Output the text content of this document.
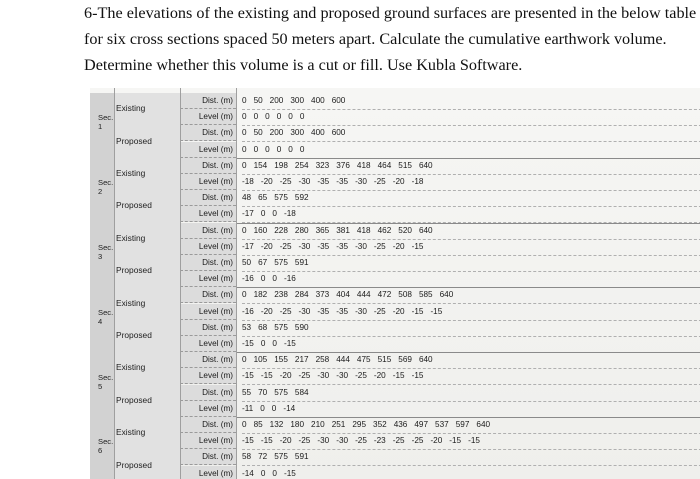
6-The elevations of the existing and proposed ground surfaces are presented in the below table

for six cross sections spaced 50 meters apart. Calculate the cumulative earthwork volume.

Determine whether this volume is a cut or fill. Use Kubla Software.

Sec. 1
Existing
Dist. (m)	0 50 200 300 400 600
Level (m)	0 0 0 0 0 0
Proposed
Dist. (m)	0 50 200 300 400 600
Level (m)	0 0 0 0 0 0
Sec. 2
Existing
Dist. (m)	0 154 198 254 323 376 418 464 515 640
Level (m)	-18 -20 -25 -30 -35 -35 -30 -25 -20 -18
Proposed
Dist. (m)	48 65 575 592
Level (m)	-17 0 0 -18
Sec. 3
Existing
Dist. (m)	0 160 228 280 365 381 418 462 520 640
Level (m)	-17 -20 -25 -30 -35 -35 -30 -25 -20 -15
Proposed
Dist. (m)	50 67 575 591
Level (m)	-16 0 0 -16
Sec. 4
Existing
Dist. (m)	0 182 238 284 373 404 444 472 508 585 640
Level (m)	-16 -20 -25 -30 -35 -35 -30 -25 -20 -15 -15
Proposed
Dist. (m)	53 68 575 590
Level (m)	-15 0 0 -15
Sec. 5
Existing
Dist. (m)	0 105 155 217 258 444 475 515 569 640
Level (m)	-15 -15 -20 -25 -30 -30 -25 -20 -15 -15
Proposed
Dist. (m)	55 70 575 584
Level (m)	-11 0 0 -14
Sec. 6
Existing
Dist. (m)	0 85 132 180 210 251 295 352 436 497 537 597 640
Level (m)	-15 -15 -20 -25 -30 -30 -25 -23 -25 -25 -20 -15 -15
Proposed
Dist. (m)	58 72 575 591
Level (m)	-14 0 0 -15
